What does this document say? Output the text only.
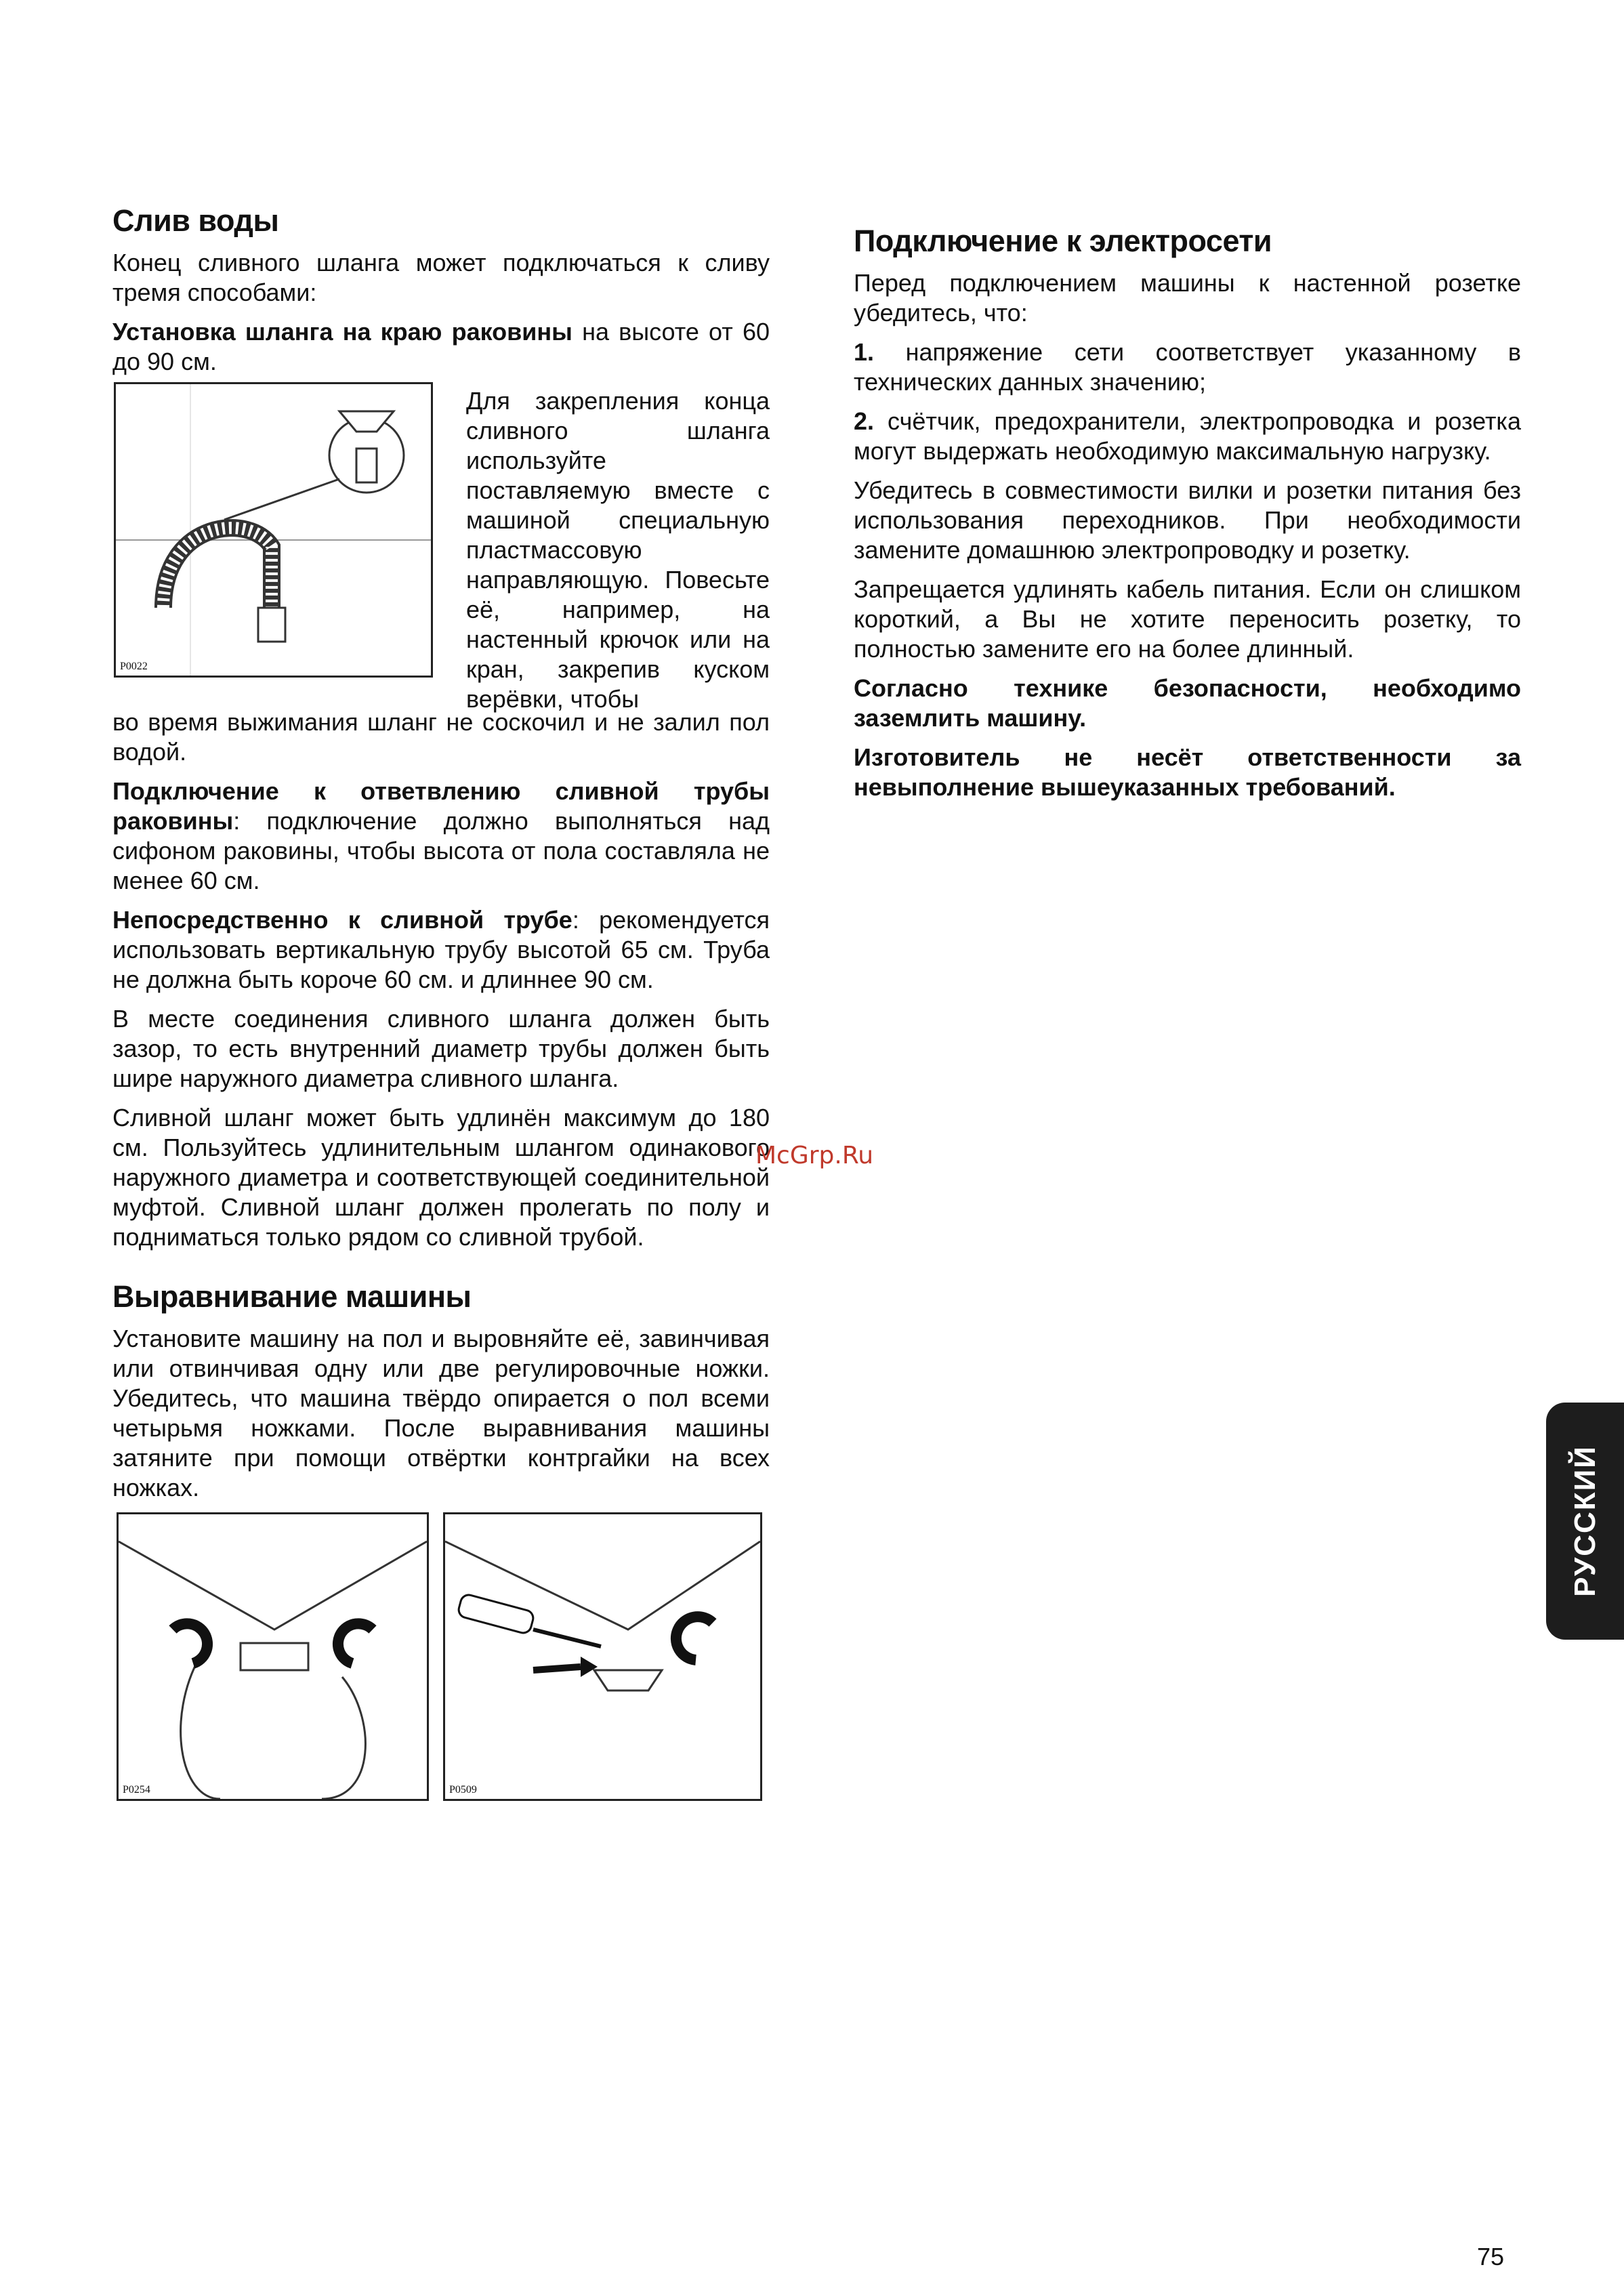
Слив воды

Конец сливного шланга может подключаться к сливу тремя способами:

Установка шланга на краю раковины на высоте от 60 до 90 см.

P0022

Для закрепления конца сливного шланга используйте поставляемую вместе с машиной специальную пластмассовую направляющую. Повесьте её, например, на настенный крючок или на кран, закрепив куском верёвки, чтобы

во время выжимания шланг не соскочил и не залил пол водой.

Подключение к ответвлению сливной трубы раковины: подключение должно выполняться над сифоном раковины, чтобы высота от пола составляла не менее 60 см.

Непосредственно к сливной трубе: рекомендуется использовать вертикальную трубу высотой 65 см. Труба не должна быть короче 60 см. и длиннее 90 см.

В месте соединения сливного шланга должен быть зазор, то есть внутренний диаметр трубы должен быть шире наружного диаметра сливного шланга.

Сливной шланг может быть удлинён максимум до 180 см. Пользуйтесь удлинительным шлангом одинакового наружного диаметра и соответствующей соединительной муфтой. Сливной шланг должен пролегать по полу и подниматься только рядом со сливной трубой.

Выравнивание машины

Установите машину на пол и выровняйте её, завинчивая или отвинчивая одну или две регулировочные ножки. Убедитесь, что машина твёрдо опирается о пол всеми четырьмя ножками. После выравнивания машины затяните при помощи отвёртки контргайки на всех ножках.

P0254	P0509
Подключение к электросети

Перед подключением машины к настенной розетке убедитесь, что:

1. напряжение сети соответствует указанному в технических данных значению;

2. счётчик, предохранители, электропроводка и розетка могут выдержать необходимую максимальную нагрузку.

Убедитесь в совместимости вилки и розетки питания без использования переходников. При необходимости замените домашнюю электропроводку и розетку.

Запрещается удлинять кабель питания. Если он слишком короткий, а Вы не хотите переносить розетку, то полностью замените его на более длинный.

Согласно технике безопасности, необходимо заземлить машину.

Изготовитель не несёт ответственности за невыполнение вышеуказанных требований.

McGrp.Ru
РУССКИЙ
75
